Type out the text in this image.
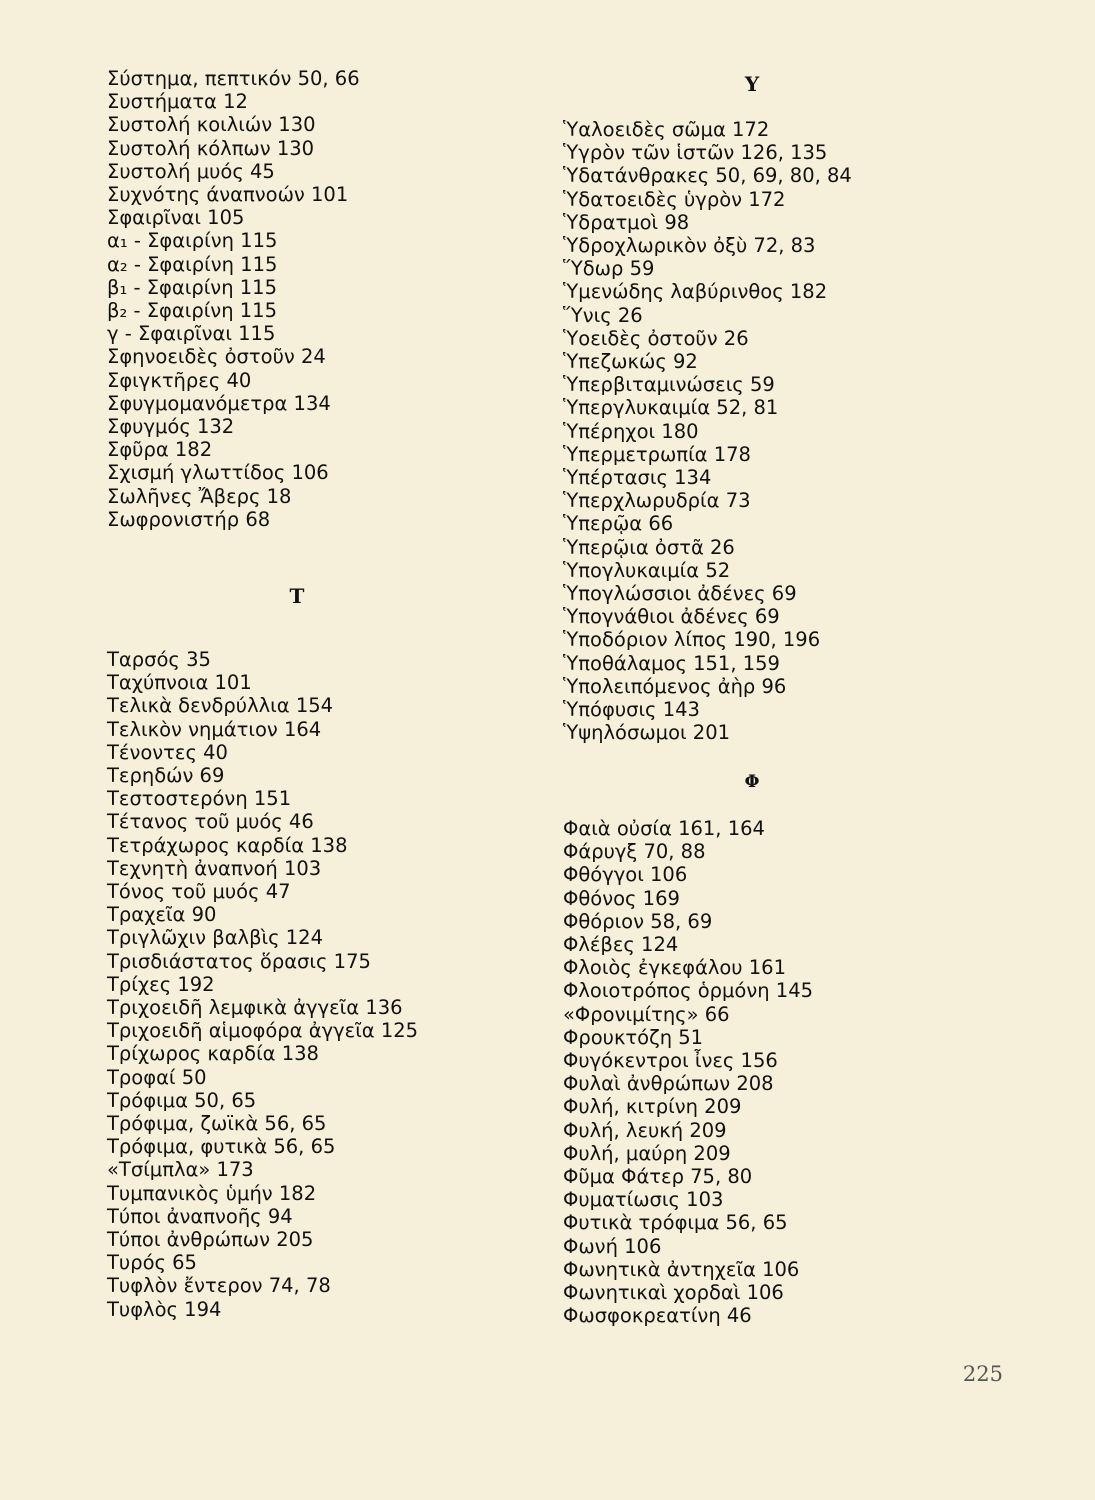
Σύστημα, πεπτικόν 50, 66
Συστήματα 12
Συστολή κοιλιών 130
Συστολή κόλπων 130
Συστολή μυός 45
Συχνότης άναπνοών 101
Σφαιρῖναι 105
α₁ - Σφαιρίνη 115
α₂ - Σφαιρίνη 115
β₁ - Σφαιρίνη 115
β₂ - Σφαιρίνη 115
γ - Σφαιρῖναι 115
Σφηνοειδὲς ὀστοῦν 24
Σφιγκτῆρες 40
Σφυγμομανόμετρα 134
Σφυγμός 132
Σφῦρα 182
Σχισμή γλωττίδος 106
Σωλῆνες Ἄβερς 18
Σωφρονιστήρ 68
Τ
Ταρσός 35
Ταχύπνοια 101
Τελικὰ δενδρύλλια 154
Τελικὸν νημάτιον 164
Τένοντες 40
Τερηδών 69
Τεστοστερόνη 151
Τέτανος τοῦ μυός 46
Τετράχωρος καρδία 138
Τεχνητὴ ἀναπνοή 103
Τόνος τοῦ μυός 47
Τραχεῖα 90
Τριγλῶχιν βαλβὶς 124
Τρισδιάστατος ὅρασις 175
Τρίχες 192
Τριχοειδῆ λεμφικὰ ἀγγεῖα 136
Τριχοειδῆ αἱμοφόρα ἀγγεῖα 125
Τρίχωρος καρδία 138
Τροφαί 50
Τρόφιμα 50, 65
Τρόφιμα, ζωϊκὰ 56, 65
Τρόφιμα, φυτικὰ 56, 65
«Τσίμπλα» 173
Τυμπανικὸς ὑμήν 182
Τύποι ἀναπνοῆς 94
Τύποι ἀνθρώπων 205
Τυρός 65
Τυφλὸν ἔντερον 74, 78
Τυφλὸς 194
Υ
Ὑαλοειδὲς σῶμα 172
Ὑγρὸν τῶν ἱστῶν 126, 135
Ὑδατάνθρακες 50, 69, 80, 84
Ὑδατοειδὲς ὑγρὸν 172
Ὑδρατμοὶ 98
Ὑδροχλωρικὸν ὀξὺ 72, 83
Ὕδωρ 59
Ὑμενώδης λαβύρινθος 182
Ὕνις 26
Ὑοειδὲς ὀστοῦν 26
Ὑπεζωκώς 92
Ὑπερβιταμινώσεις 59
Ὑπεργλυκαιμία 52, 81
Ὑπέρηχοι 180
Ὑπερμετρωπία 178
Ὑπέρτασις 134
Ὑπερχλωρυδρία 73
Ὑπερῷα 66
Ὑπερῷια ὀστᾶ 26
Ὑπογλυκαιμία 52
Ὑπογλώσσιοι ἀδένες 69
Ὑπογνάθιοι ἀδένες 69
Ὑποδόριον λίπος 190, 196
Ὑποθάλαμος 151, 159
Ὑπολειπόμενος ἀὴρ 96
Ὑπόφυσις 143
Ὑψηλόσωμοι 201
Φ
Φαιὰ οὐσία 161, 164
Φάρυγξ 70, 88
Φθόγγοι 106
Φθόνος 169
Φθόριον 58, 69
Φλέβες 124
Φλοιὸς ἐγκεφάλου 161
Φλοιοτρόπος ὁρμόνη 145
«Φρονιμίτης» 66
Φρουκτόζη 51
Φυγόκεντροι ἶνες 156
Φυλαὶ ἀνθρώπων 208
Φυλή, κιτρίνη 209
Φυλή, λευκή 209
Φυλή, μαύρη 209
Φῦμα Φάτερ 75, 80
Φυματίωσις 103
Φυτικὰ τρόφιμα 56, 65
Φωνή 106
Φωνητικὰ ἀντηχεῖα 106
Φωνητικαὶ χορδαὶ 106
Φωσφοκρεατίνη 46
225
